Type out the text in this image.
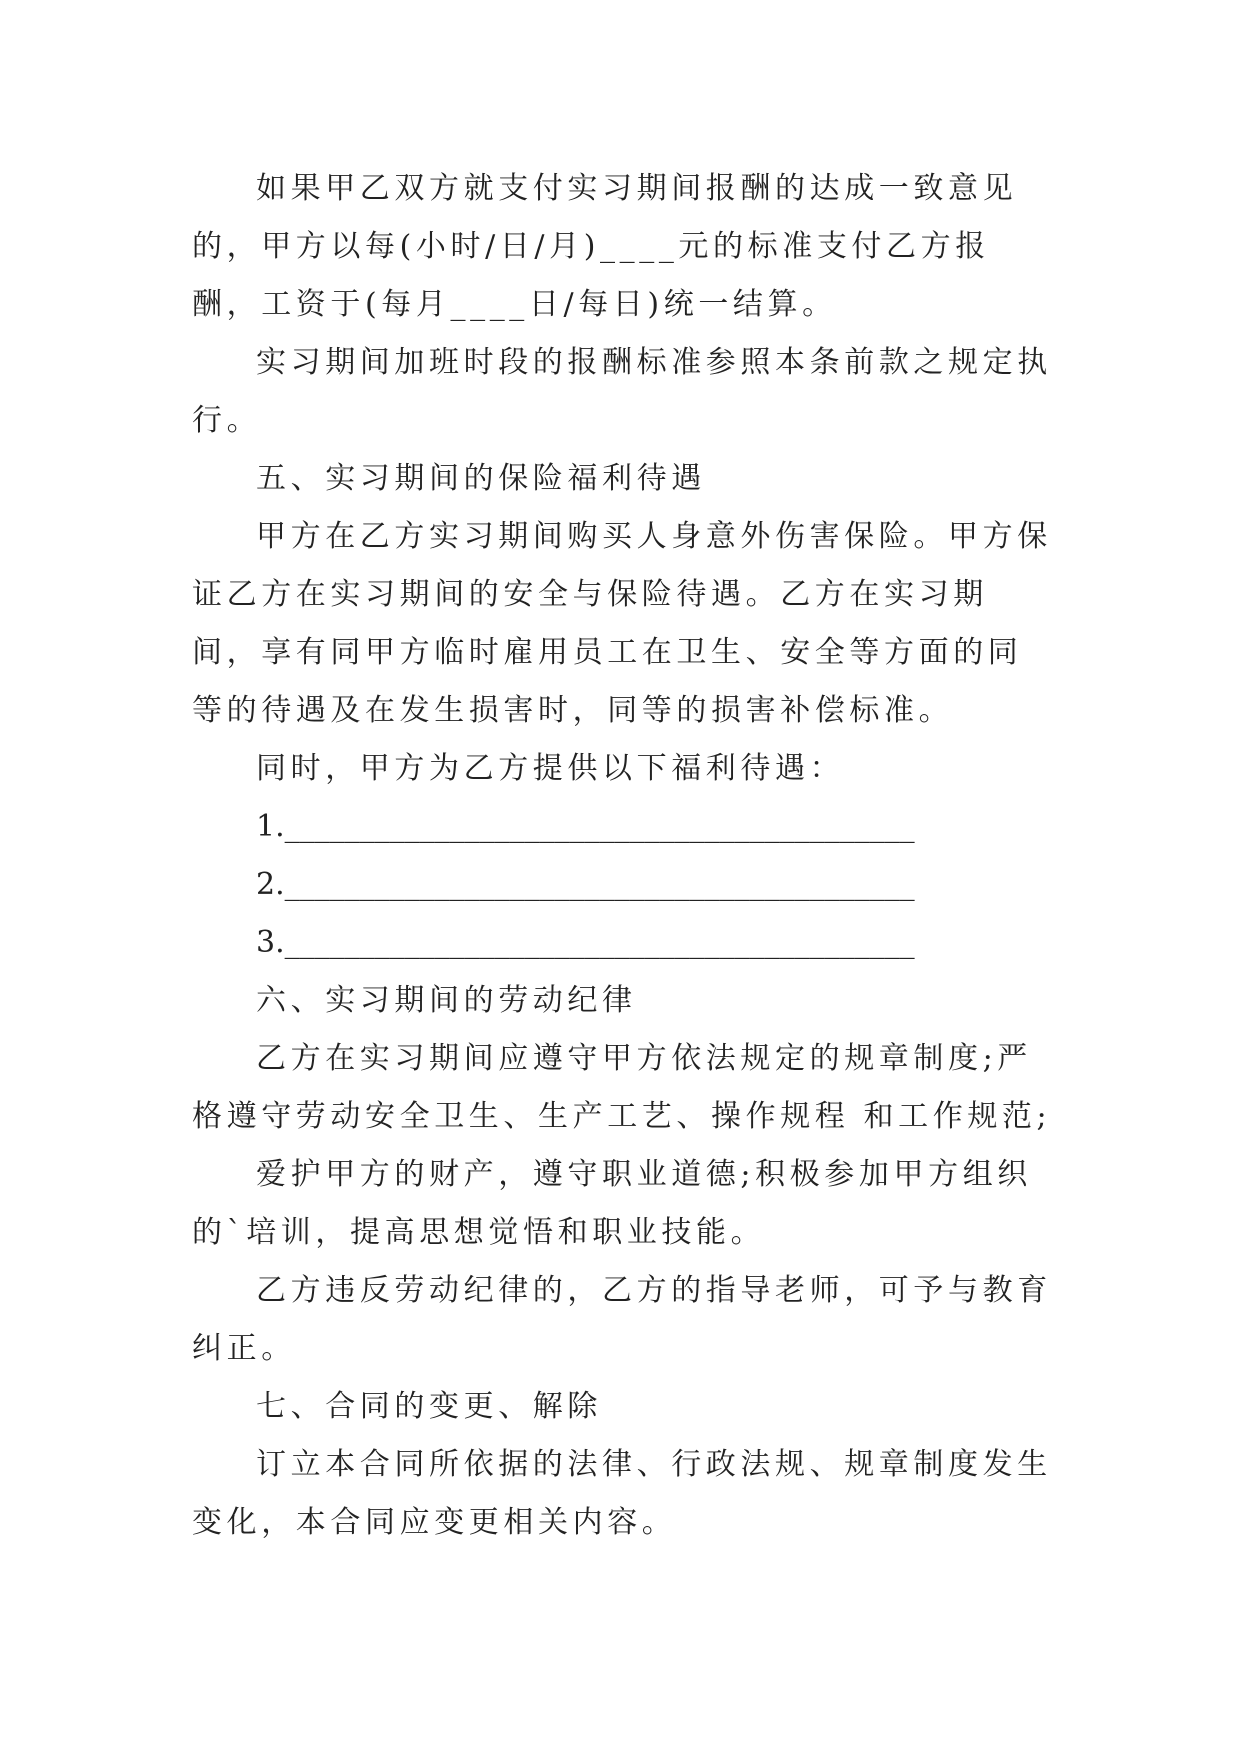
如果甲乙双方就支付实习期间报酬的达成一致意见的，甲方以每(小时/日/月)____元的标准支付乙方报酬，工资于(每月____日/每日)统一结算。

实习期间加班时段的报酬标准参照本条前款之规定执行。

五、实习期间的保险福利待遇

甲方在乙方实习期间购买人身意外伤害保险。甲方保证乙方在实习期间的安全与保险待遇。乙方在实习期间，享有同甲方临时雇用员工在卫生、安全等方面的同等的待遇及在发生损害时，同等的损害补偿标准。

同时，甲方为乙方提供以下福利待遇：

1.__________________________________________

2.__________________________________________

3.__________________________________________

六、实习期间的劳动纪律

乙方在实习期间应遵守甲方依法规定的规章制度;严格遵守劳动安全卫生、生产工艺、操作规程 和工作规范;

爱护甲方的财产，遵守职业道德;积极参加甲方组织的`培训，提高思想觉悟和职业技能。

乙方违反劳动纪律的，乙方的指导老师，可予与教育纠正。

七、合同的变更、解除

订立本合同所依据的法律、行政法规、规章制度发生变化，本合同应变更相关内容。
